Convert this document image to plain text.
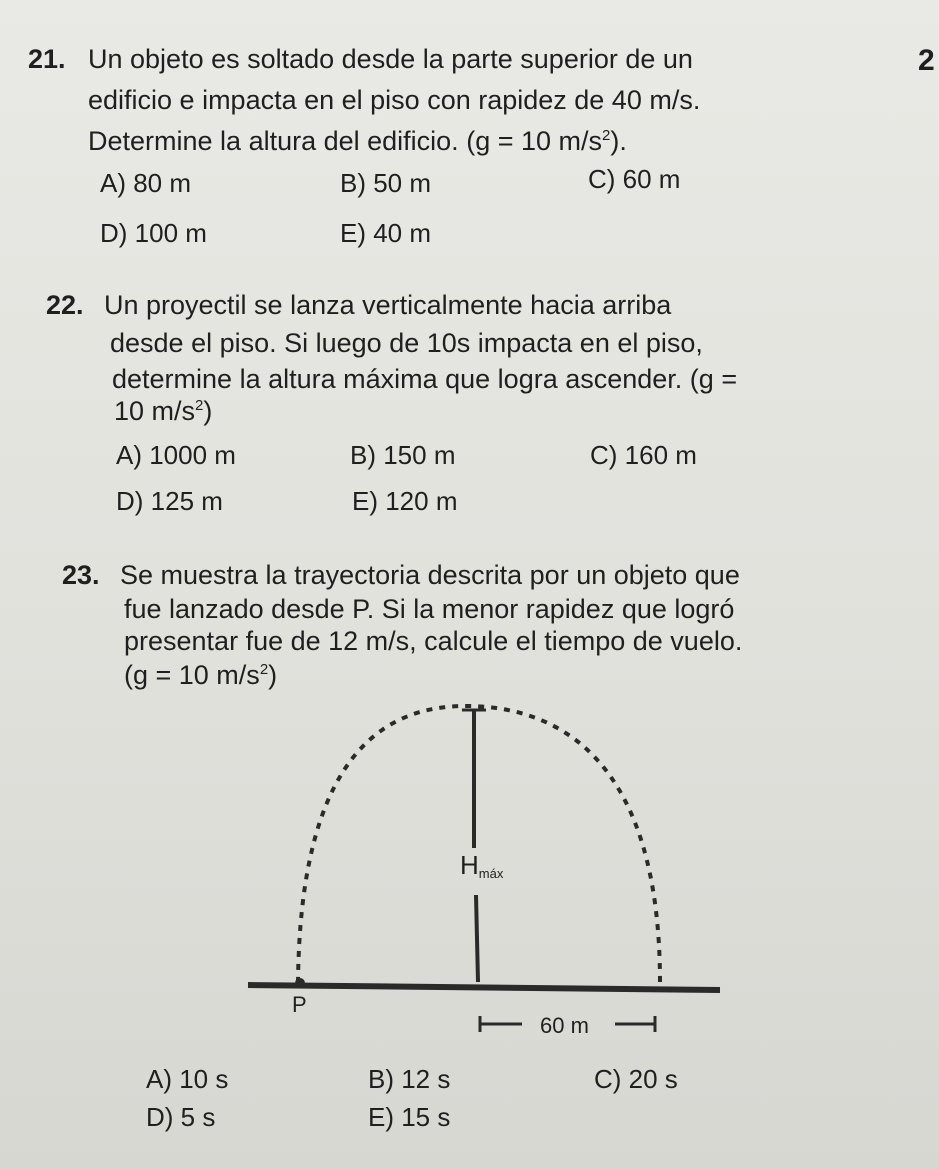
2
21. Un objeto es soltado desde la parte superior de un
edificio e impacta en el piso con rapidez de 40 m/s.
Determine la altura del edificio. (g = 10 $m/s^2$).
A) 80 m	B) 50 m	C) 60 m
D) 100 m	E) 40 m
22. Un proyectil se lanza verticalmente hacia arriba
desde el piso. Si luego de 10s impacta en el piso,
determine la altura máxima que logra ascender. (g =
10 $m/s^2$)
A) 1000 m	B) 150 m	C) 160 m
D) 125 m	E) 120 m
23. Se muestra la trayectoria descrita por un objeto que
fue lanzado desde P. Si la menor rapidez que logró
presentar fue de 12 m/s, calcule el tiempo de vuelo.
(g = 10 $m/s^2$)
Hmáx
P
60 m
A) 10 s	B) 12 s	C) 20 s
D) 5 s	E) 15 s
